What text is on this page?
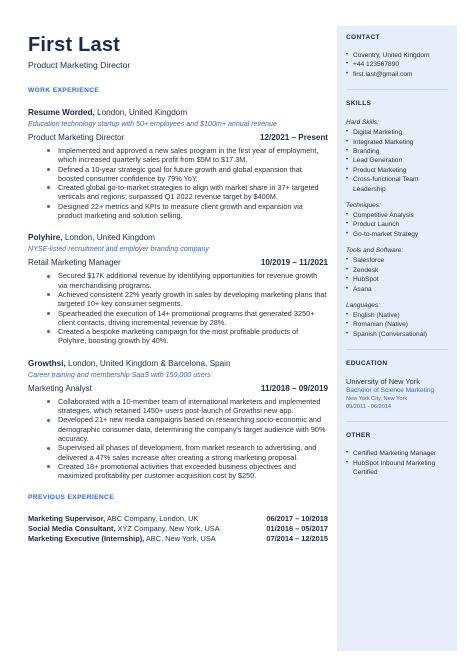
First Last
Product Marketing Director
WORK EXPERIENCE
Resume Worded, London, United Kingdom
Education technology startup with 50+ employees and $100m+ annual revenue
Product Marketing Director	12/2021 – Present
Implemented and approved a new sales program in the first year of employment, which increased quarterly sales profit from $5M to $17.3M.
Defined a 10-year strategic goal for future growth and global expansion that boosted consumer confidence by 79% YoY.
Created global go-to-market strategies to align with market share in 37+ targeted verticals and regions; surpassed Q1 2022 revenue target by $400M.
Designed 22+ metrics and KPIs to measure client growth and expansion via product marketing and solution selling.
Polyhire, London, United Kingdom
NYSE-listed recruitment and employer branding company
Retail Marketing Manager	10/2019 – 11/2021
Secured $17K additional revenue by identifying opportunities for revenue growth via merchandising programs.
Achieved consistent 22% yearly growth in sales by developing marketing plans that targeted 10+ key consumer segments.
Spearheaded the execution of 14+ promotional programs that generated 3250+ client contacts, driving incremental revenue by 28%.
Created a bespoke marketing campaign for the most profitable products of Polyhire, boosting growth by 40%.
Growthsi, London, United Kingdom & Barcelona, Spain
Career training and membership SaaS with 150,000 users
Marketing Analyst	11/2018 – 09/2019
Collaborated with a 10-member team of international marketers and implemented strategies, which retained 1450+ users post-launch of Growthsi new app.
Developed 21+ new media campaigns based on researching socio-economic and demographic consumer data, determining the company's target audience with 90% accuracy.
Supervised all phases of development, from market research to advertising, and delivered a 47% sales increase after creating a strong marketing proposal.
Created 18+ promotional activities that exceeded business objectives and maximized profitability per customer acquisition cost by $250.
PREVIOUS EXPERIENCE
Marketing Supervisor, ABC Company, London, UK	06/2017 – 10/2018
Social Media Consultant, XYZ Company, New York, USA	01/2016 – 05/2017
Marketing Executive (Internship), ABC, New York, USA	07/2014 – 12/2015
CONTACT
• Coventry, United Kingdom
• +44 123567890
• first.last@gmail.com
SKILLS
Hard Skills:
• Digital Marketing
• Integrated Marketing
• Branding
• Lead Generation
• Product Marketing
• Cross-functional Team Leadership
Techniques:
• Competitive Analysis
• Product Launch
• Go-to-market Strategy
Tools and Software:
• Salesforce
• Zendesk
• HubSpot
• Asana
Languages:
• English (Native)
• Romanian (Native)
• Spanish (Conversational)
EDUCATION
University of New York
Bachelor of Science Marketing
New York City, New York
09/2011 - 06/2014
OTHER
• Certified Marketing Manager
• HubSpot Inbound Marketing Certified
